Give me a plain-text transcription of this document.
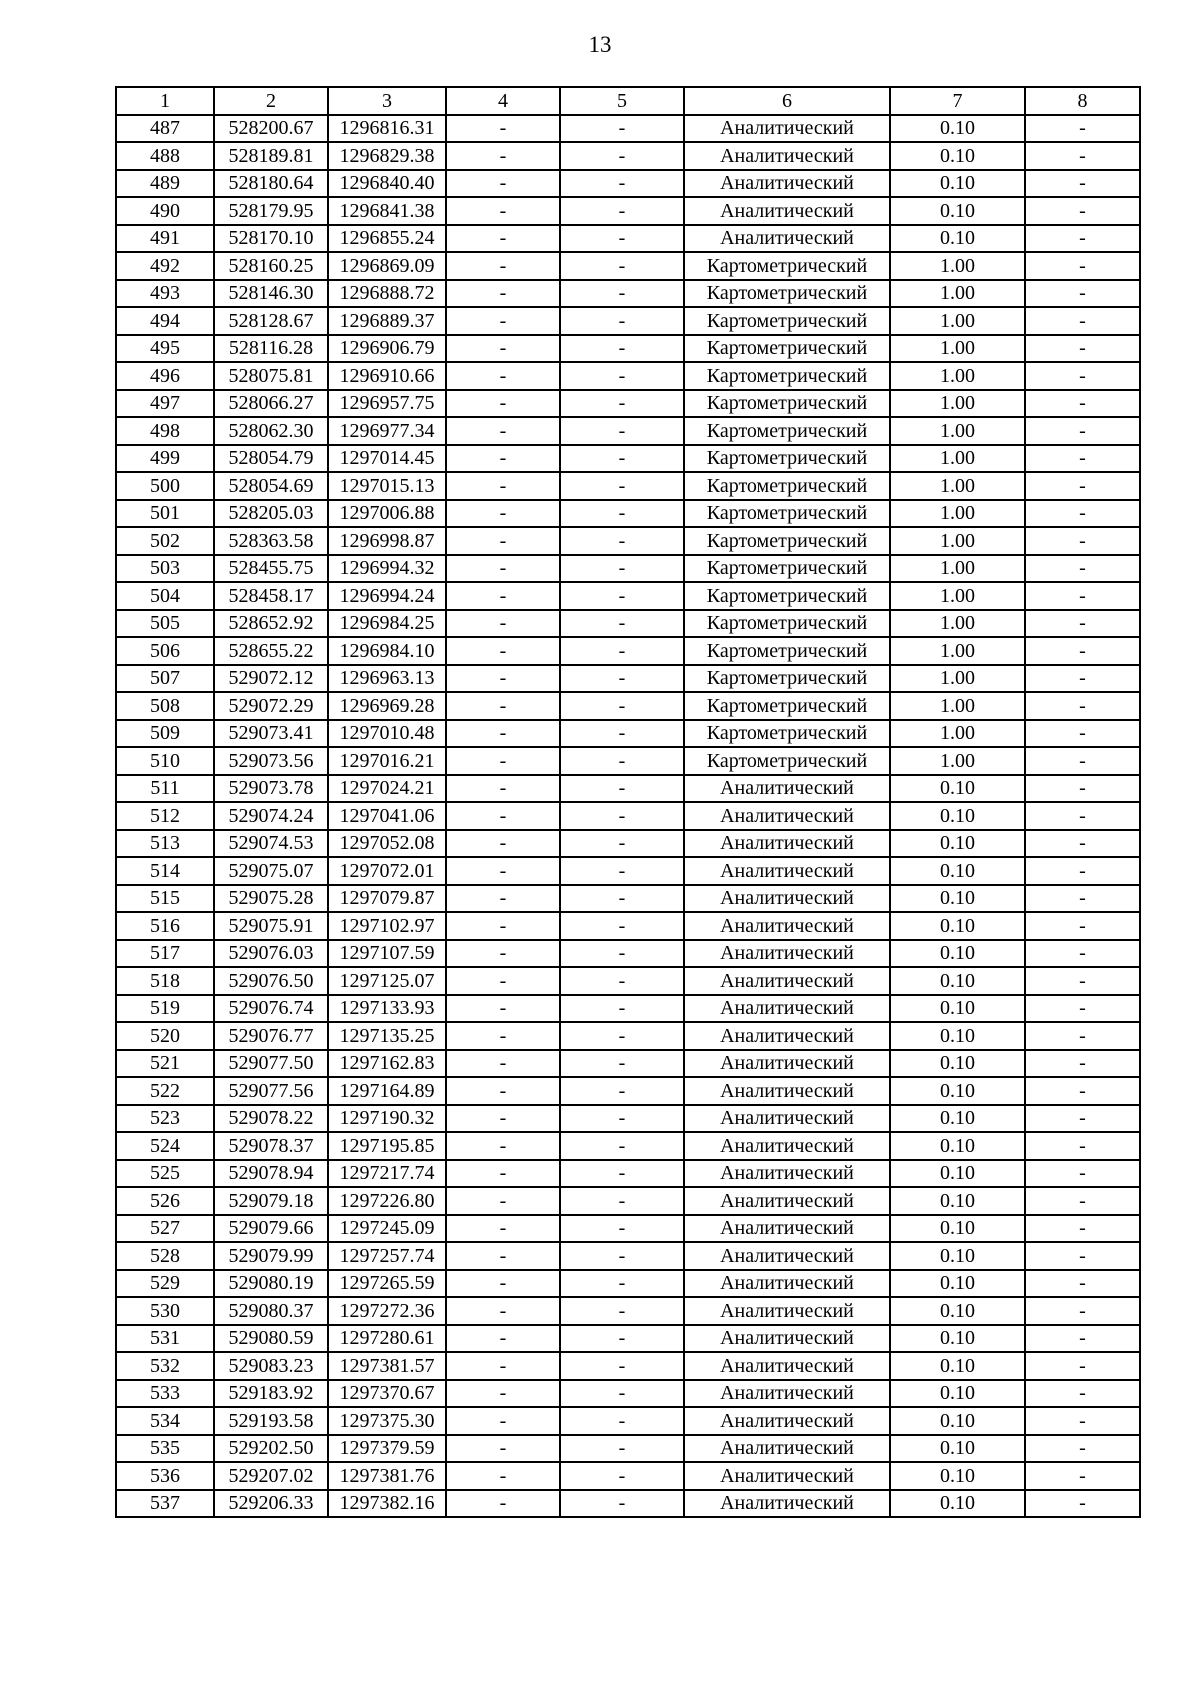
13
1	2	3	4	5	6	7	8
487	528200.67	1296816.31	-	-	Аналитический	0.10	-
488	528189.81	1296829.38	-	-	Аналитический	0.10	-
489	528180.64	1296840.40	-	-	Аналитический	0.10	-
490	528179.95	1296841.38	-	-	Аналитический	0.10	-
491	528170.10	1296855.24	-	-	Аналитический	0.10	-
492	528160.25	1296869.09	-	-	Картометрический	1.00	-
493	528146.30	1296888.72	-	-	Картометрический	1.00	-
494	528128.67	1296889.37	-	-	Картометрический	1.00	-
495	528116.28	1296906.79	-	-	Картометрический	1.00	-
496	528075.81	1296910.66	-	-	Картометрический	1.00	-
497	528066.27	1296957.75	-	-	Картометрический	1.00	-
498	528062.30	1296977.34	-	-	Картометрический	1.00	-
499	528054.79	1297014.45	-	-	Картометрический	1.00	-
500	528054.69	1297015.13	-	-	Картометрический	1.00	-
501	528205.03	1297006.88	-	-	Картометрический	1.00	-
502	528363.58	1296998.87	-	-	Картометрический	1.00	-
503	528455.75	1296994.32	-	-	Картометрический	1.00	-
504	528458.17	1296994.24	-	-	Картометрический	1.00	-
505	528652.92	1296984.25	-	-	Картометрический	1.00	-
506	528655.22	1296984.10	-	-	Картометрический	1.00	-
507	529072.12	1296963.13	-	-	Картометрический	1.00	-
508	529072.29	1296969.28	-	-	Картометрический	1.00	-
509	529073.41	1297010.48	-	-	Картометрический	1.00	-
510	529073.56	1297016.21	-	-	Картометрический	1.00	-
511	529073.78	1297024.21	-	-	Аналитический	0.10	-
512	529074.24	1297041.06	-	-	Аналитический	0.10	-
513	529074.53	1297052.08	-	-	Аналитический	0.10	-
514	529075.07	1297072.01	-	-	Аналитический	0.10	-
515	529075.28	1297079.87	-	-	Аналитический	0.10	-
516	529075.91	1297102.97	-	-	Аналитический	0.10	-
517	529076.03	1297107.59	-	-	Аналитический	0.10	-
518	529076.50	1297125.07	-	-	Аналитический	0.10	-
519	529076.74	1297133.93	-	-	Аналитический	0.10	-
520	529076.77	1297135.25	-	-	Аналитический	0.10	-
521	529077.50	1297162.83	-	-	Аналитический	0.10	-
522	529077.56	1297164.89	-	-	Аналитический	0.10	-
523	529078.22	1297190.32	-	-	Аналитический	0.10	-
524	529078.37	1297195.85	-	-	Аналитический	0.10	-
525	529078.94	1297217.74	-	-	Аналитический	0.10	-
526	529079.18	1297226.80	-	-	Аналитический	0.10	-
527	529079.66	1297245.09	-	-	Аналитический	0.10	-
528	529079.99	1297257.74	-	-	Аналитический	0.10	-
529	529080.19	1297265.59	-	-	Аналитический	0.10	-
530	529080.37	1297272.36	-	-	Аналитический	0.10	-
531	529080.59	1297280.61	-	-	Аналитический	0.10	-
532	529083.23	1297381.57	-	-	Аналитический	0.10	-
533	529183.92	1297370.67	-	-	Аналитический	0.10	-
534	529193.58	1297375.30	-	-	Аналитический	0.10	-
535	529202.50	1297379.59	-	-	Аналитический	0.10	-
536	529207.02	1297381.76	-	-	Аналитический	0.10	-
537	529206.33	1297382.16	-	-	Аналитический	0.10	-
